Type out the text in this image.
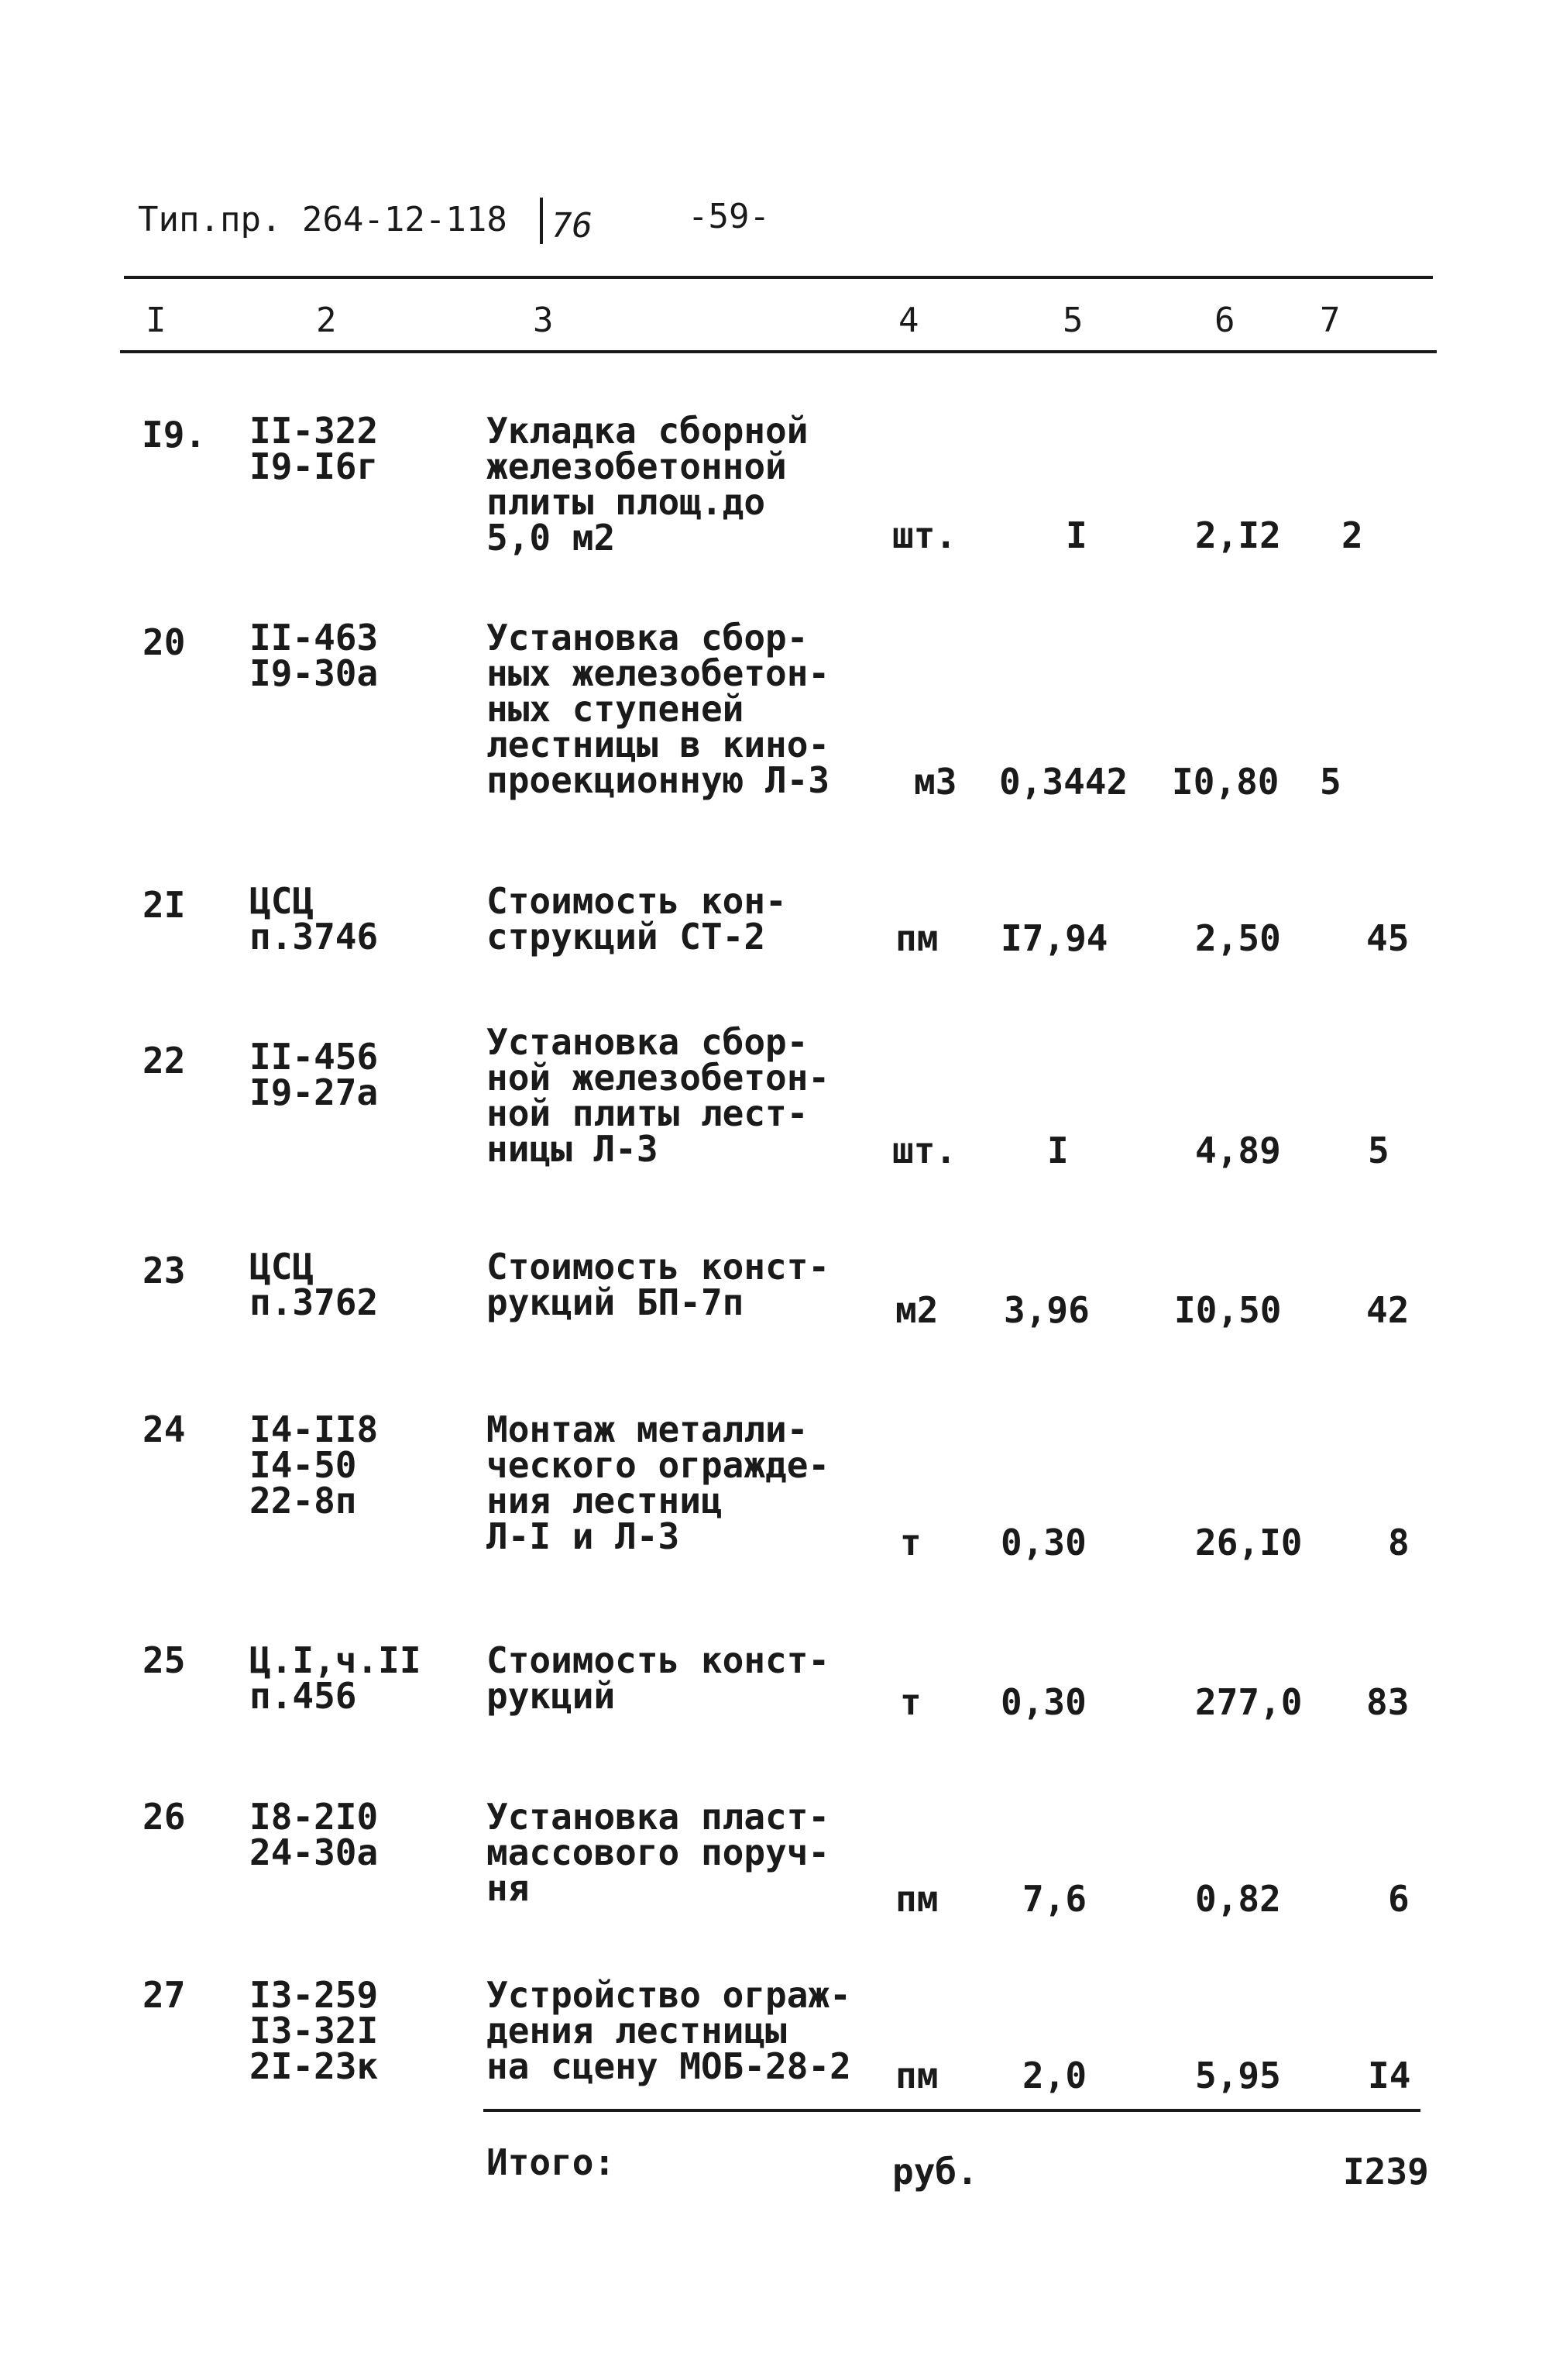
Тип.пр. 264-12-118 76	-59-
I	2	3	4	5	6 7
I9. II-322
I9-I6г
Укладка сборной
железобетонной
плиты площ.до
5,0 м2	шт.	I	2,I2 2
20 II-463
I9-30а
Установка сбор-
ных железобетон-
ных ступеней
лестницы в кино-
проекционную Л-3 м3 0,3442 I0,80 5
2I ЦСЦ
п.3746
Стоимость кон-
струкций СТ-2	пм I7,94 2,50 45
22 II-456
I9-27а
Установка сбор-
ной железобетон-
ной плиты лест-
ницы Л-3	шт.	I	4,89 5
23 ЦСЦ
п.3762
Стоимость конст-
рукций БП-7п	м2 3,96 I0,50 42
24 I4-II8
I4-50
22-8п
Монтаж металли-
ческого огражде-
ния лестниц
Л-I и Л-3	т 0,30	26,I0 8
25 Ц.I,ч.II
п.456
Стоимость конст-
рукций	т 0,30	277,0 83
26 I8-2I0
24-30а
Установка пласт-
массового поруч-
ня	пм 7,6	0,82	6
27 I3-259
I3-32I
2I-23к
Устройство ограж-
дения лестницы
на сцену МОБ-28-2 пм 2,0	5,95 I4
Итого:	руб.	I239
